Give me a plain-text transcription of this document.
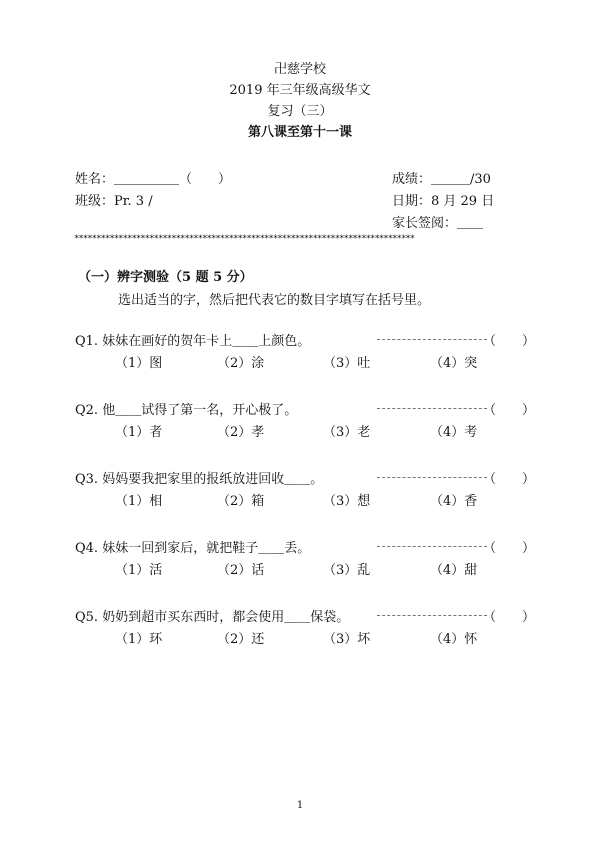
卍慈学校
2019 年三年级高级华文
复习（三）
第八课至第十一课
姓名：＿＿＿＿＿（　　）
班级：Pr. 3 /
成绩：＿＿＿/30
日期：8 月 29 日
家长签阅：＿＿
*****************************************************************************
（一）辨字测验（5 题 5 分）
选出适当的字，然后把代表它的数目字填写在括号里。
Q1. 妹妹在画好的贺年卡上＿＿上颜色。	（　　）
（1）图	（2）涂	（3）吐	（4）突
Q2. 他＿＿试得了第一名，开心极了。	（　　）
（1）者	（2）孝	（3）老	（4）考
Q3. 妈妈要我把家里的报纸放进回收＿＿。	（　　）
（1）相	（2）箱	（3）想	（4）香
Q4. 妹妹一回到家后，就把鞋子＿＿丢。	（　　）
（1）活	（2）话	（3）乱	（4）甜
Q5. 奶奶到超市买东西时，都会使用＿＿保袋。	（　　）
（1）环	（2）还	（3）坏	（4）怀
1
